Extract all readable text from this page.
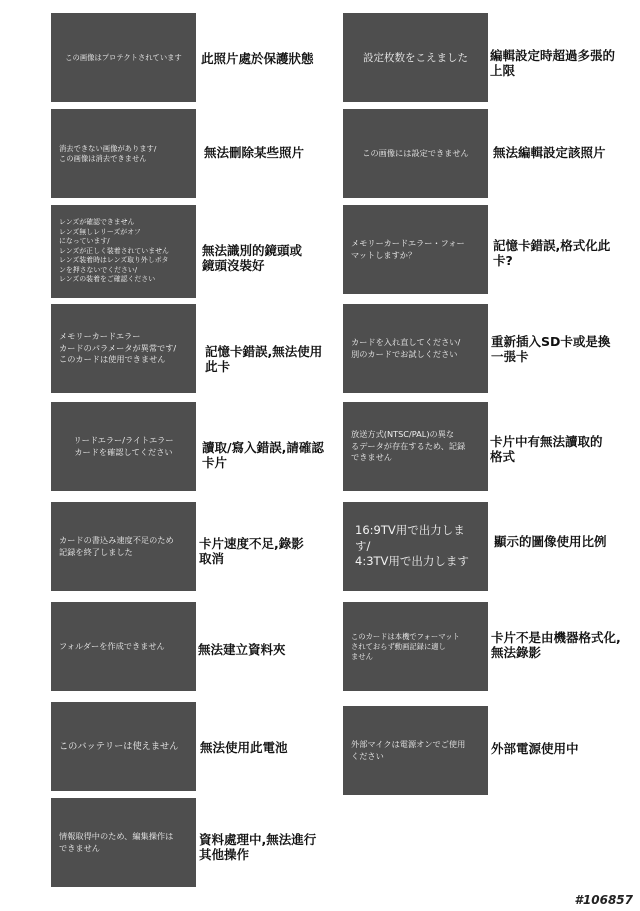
この画像はプロテクトされています 此照片處於保護狀態
消去できない画像があります/
この画像は消去できません	無法刪除某些照片
レンズが確認できません
レンズ無しレリーズがオフ
になっています/
レンズが正しく装着されていません
レンズ装着時はレンズ取り外しボタ
ンを押さないでください/
レンズの装着をご確認ください
無法識別的鏡頭或
鏡頭沒裝好
メモリーカードエラー
カードのパラメータが異常です/
このカードは使用できません
記憶卡錯誤,無法使用
此卡
リードエラー/ライトエラー
カードを確認してください 讀取/寫入錯誤,請確認
卡片
カードの書込み速度不足のため
記録を終了しました
卡片速度不足,錄影
取消
フォルダーを作成できません	無法建立資料夾
このバッテリーは使えません	無法使用此電池
情報取得中のため、編集操作は
できません
資料處理中,無法進行
其他操作
設定枚数をこえました 編輯設定時超過多張的
上限
この画像には設定できません 無法編輯設定該照片
メモリーカードエラー・フォー
マットしますか？
記憶卡錯誤,格式化此
卡?
カードを入れ直してください/
別のカードでお試しください
重新插入SD卡或是換
一張卡
放送方式(NTSC/PAL)の異な
るデータが存在するため、記録
できません
卡片中有無法讀取的
格式
16:9TV用で出力します/
4:3TV用で出力します
顯示的圖像使用比例
このカードは本機でフォーマット
されておらず動画記録に適し
ません
卡片不是由機器格式化,
無法錄影
外部マイクは電源オンでご使用
ください	外部電源使用中
#106857
